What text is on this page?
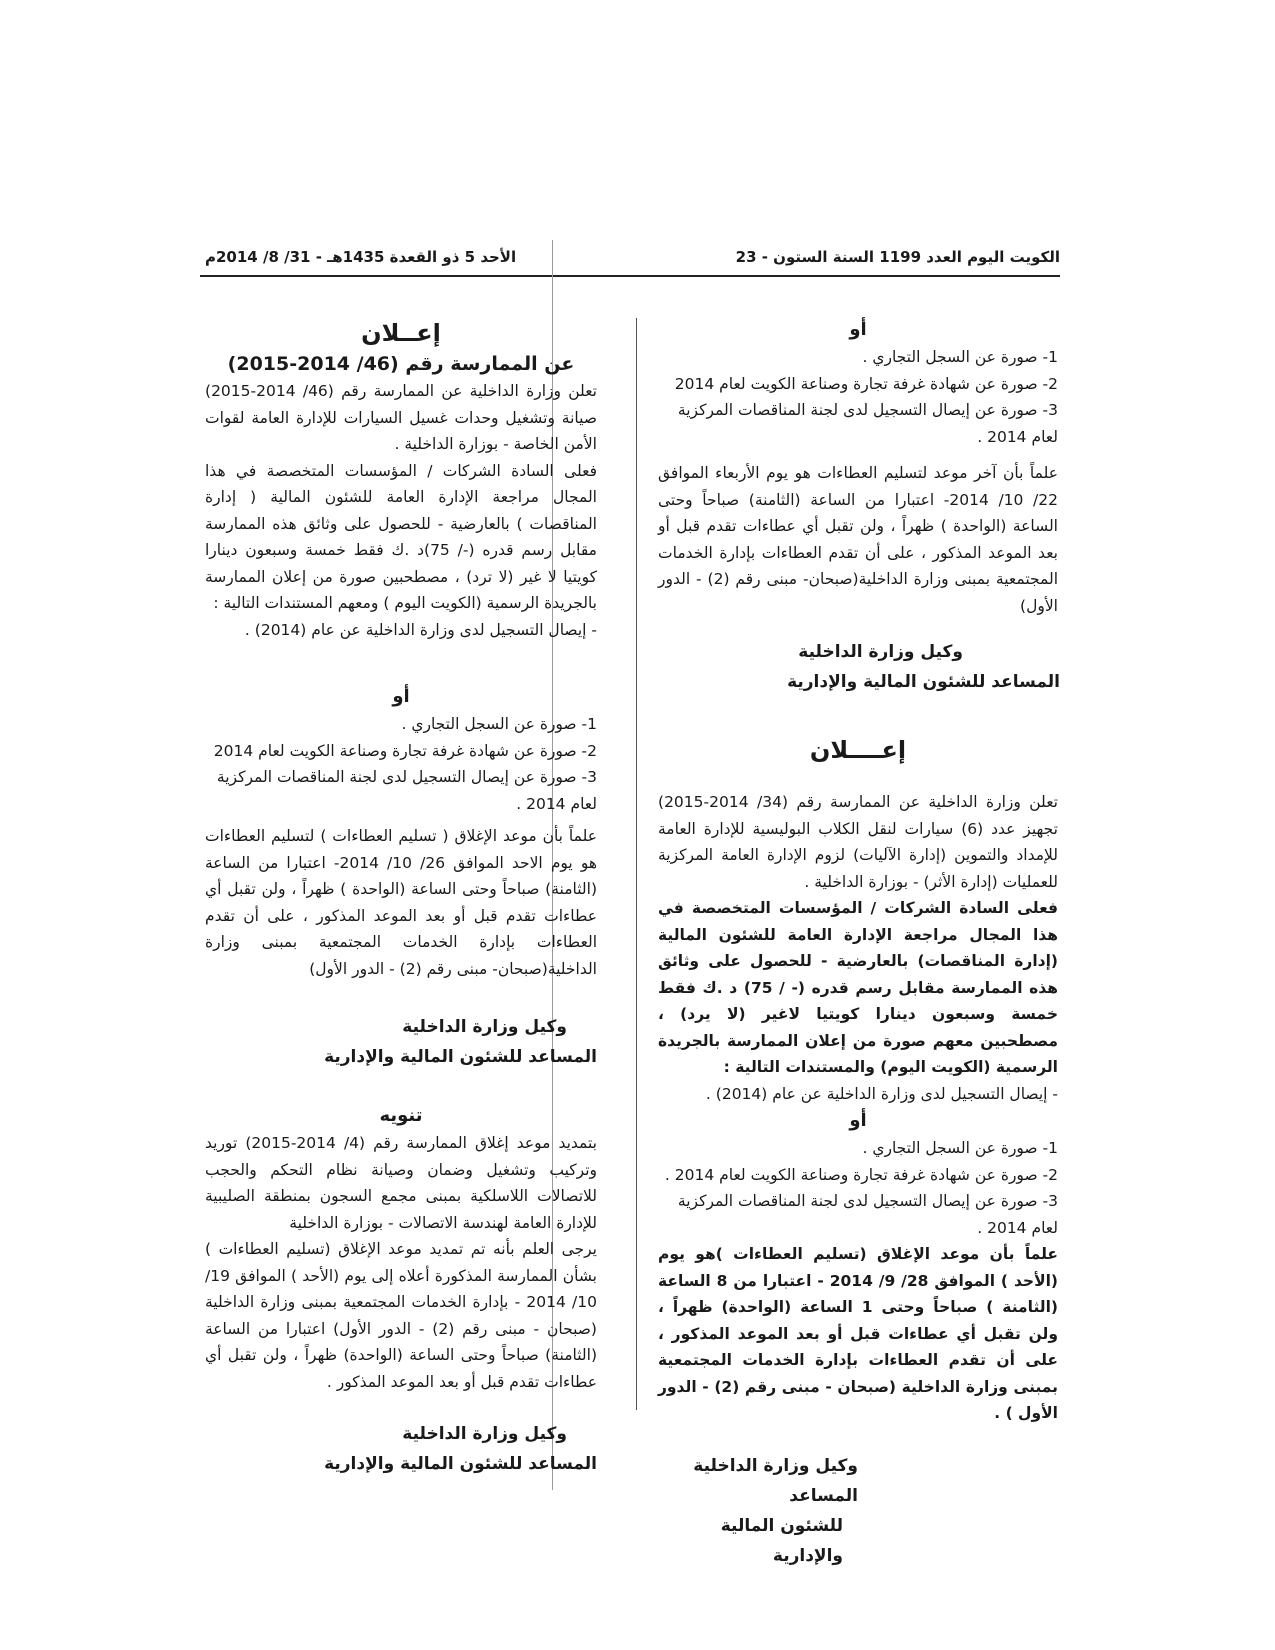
الكويت اليوم العدد 1199 السنة الستون - 23
الأحد 5 ذو القعدة 1435هـ - 31/ 8/ 2014م
أو
1- صورة عن السجل التجاري .
2- صورة عن شهادة غرفة تجارة وصناعة الكويت لعام 2014
3- صورة عن إيصال التسجيل لدى لجنة المناقصات المركزية لعام 2014 .

علماً بأن آخر موعد لتسليم العطاءات هو يوم الأربعاء الموافق 22/ 10/ 2014- اعتبارا من الساعة (الثامنة) صباحاً وحتى الساعة (الواحدة ) ظهراً ، ولن تقبل أي عطاءات تقدم قبل أو بعد الموعد المذكور ، على أن تقدم العطاءات بإدارة الخدمات المجتمعية بمبنى وزارة الداخلية(صبحان- مبنى رقم (2) - الدور الأول)

وكيل وزارة الداخلية
المساعد للشئون المالية والإدارية
إعــــلان

تعلن وزارة الداخلية عن الممارسة رقم (34/ 2014-2015) تجهيز عدد (6) سيارات لنقل الكلاب البوليسية للإدارة العامة للإمداد والتموين (إدارة الآليات) لزوم الإدارة العامة المركزية للعمليات (إدارة الأثر) - بوزارة الداخلية .

فعلى السادة الشركات / المؤسسات المتخصصة في هذا المجال مراجعة الإدارة العامة للشئون المالية (إدارة المناقصات) بالعارضية - للحصول على وثائق هذه الممارسة مقابل رسم قدره (- / 75) د .ك فقط خمسة وسبعون دينارا كويتيا لاغير (لا يرد) ، مصطحبين معهم صورة من إعلان الممارسة بالجريدة الرسمية (الكويت اليوم) والمستندات التالية :

- إيصال التسجيل لدى وزارة الداخلية عن عام (2014) .

أو
1- صورة عن السجل التجاري .
2- صورة عن شهادة غرفة تجارة وصناعة الكويت لعام 2014 .
3- صورة عن إيصال التسجيل لدى لجنة المناقصات المركزية لعام 2014 .

علماً بأن موعد الإغلاق (تسليم العطاءات )هو يوم (الأحد ) الموافق 28/ 9/ 2014 - اعتبارا من 8 الساعة (الثامنة ) صباحاً وحتى 1 الساعة (الواحدة) ظهراً ، ولن تقبل أي عطاءات قبل أو بعد الموعد المذكور ، على أن تقدم العطاءات بإدارة الخدمات المجتمعية بمبنى وزارة الداخلية (صبحان - مبنى رقم (2) - الدور الأول ) .

وكيل وزارة الداخلية المساعد
للشئون المالية والإدارية
إعــلان
عن الممارسة رقم (46/ 2014-2015)

تعلن وزارة الداخلية عن الممارسة رقم (46/ 2014-2015) صيانة وتشغيل وحدات غسيل السيارات للإدارة العامة لقوات الأمن الخاصة - بوزارة الداخلية .

فعلى السادة الشركات / المؤسسات المتخصصة في هذا المجال مراجعة الإدارة العامة للشئون المالية ( إدارة المناقصات ) بالعارضية - للحصول على وثائق هذه الممارسة مقابل رسم قدره (-/ 75)د .ك فقط خمسة وسبعون دينارا كويتيا لا غير (لا ترد) ، مصطحبين صورة من إعلان الممارسة بالجريدة الرسمية (الكويت اليوم ) ومعهم المستندات التالية :

- إيصال التسجيل لدى وزارة الداخلية عن عام (2014) .

أو
1- صورة عن السجل التجاري .
2- صورة عن شهادة غرفة تجارة وصناعة الكويت لعام 2014
3- صورة عن إيصال التسجيل لدى لجنة المناقصات المركزية لعام 2014 .

علماً بأن موعد الإغلاق ( تسليم العطاءات ) لتسليم العطاءات هو يوم الاحد الموافق 26/ 10/ 2014- اعتبارا من الساعة (الثامنة) صباحاً وحتى الساعة (الواحدة ) ظهراً ، ولن تقبل أي عطاءات تقدم قبل أو بعد الموعد المذكور ، على أن تقدم العطاءات بإدارة الخدمات المجتمعية بمبنى وزارة الداخلية(صبحان- مبنى رقم (2) - الدور الأول)

وكيل وزارة الداخلية
المساعد للشئون المالية والإدارية
تنويه

بتمديد موعد إغلاق الممارسة رقم (4/ 2014-2015) توريد وتركيب وتشغيل وضمان وصيانة نظام التحكم والحجب للاتصالات اللاسلكية بمبنى مجمع السجون بمنطقة الصليبية للإدارة العامة لهندسة الاتصالات - بوزارة الداخلية

يرجى العلم بأنه تم تمديد موعد الإغلاق (تسليم العطاءات ) بشأن الممارسة المذكورة أعلاه إلى يوم (الأحد ) الموافق 19/ 10/ 2014 - بإدارة الخدمات المجتمعية بمبنى وزارة الداخلية (صبحان - مبنى رقم (2) - الدور الأول) اعتبارا من الساعة (الثامنة) صباحاً وحتى الساعة (الواحدة) ظهراً ، ولن تقبل أي عطاءات تقدم قبل أو بعد الموعد المذكور .

وكيل وزارة الداخلية
المساعد للشئون المالية والإدارية
